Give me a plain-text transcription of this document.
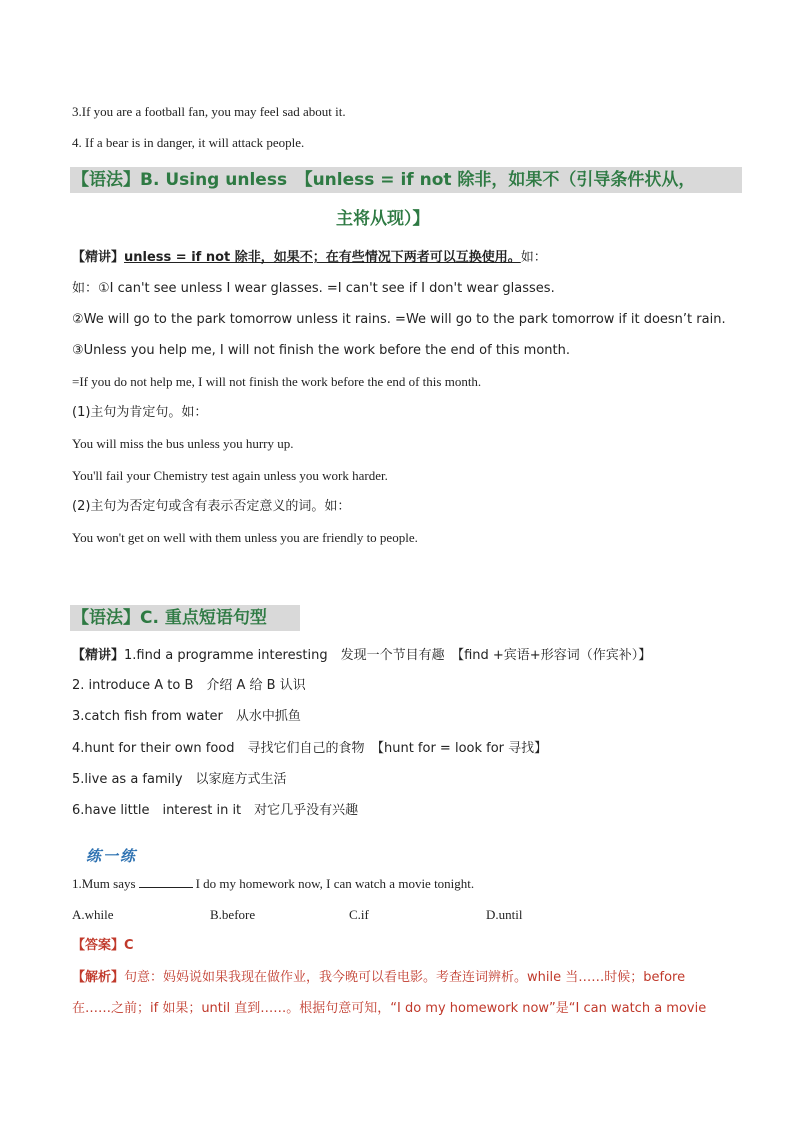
3.If you are a football fan, you may feel sad about it.
4. If a bear is in danger, it will attack people.
【语法】B. Using unless　【unless = if not 除非，如果不（引导条件状从，
主将从现）】
【精讲】unless = if not 除非，如果不；在有些情况下两者可以互换使用。如：
如：①I can't see unless I wear glasses. =I can't see if I don't wear glasses.
②We will go to the park tomorrow unless it rains. =We will go to the park tomorrow if it doesn’t rain.
③Unless you help me, I will not finish the work before the end of this month.
=If you do not help me, I will not finish the work before the end of this month.
(1)主句为肯定句。如：
You will miss the bus unless you hurry up.
You'll fail your Chemistry test again unless you work harder.
(2)主句为否定句或含有表示否定意义的词。如：
You won't get on well with them unless you are friendly to people.
【语法】C. 重点短语句型
【精讲】1.find a programme interesting　发现一个节目有趣　【find +宾语+形容词（作宾补）】
2. introduce A to B　介绍 A 给 B 认识
3.catch fish from water　从水中抓鱼
4.hunt for their own food　寻找它们自己的食物　【hunt for = look for 寻找】
5.live as a family　以家庭方式生活
6.have little　interest in it　对它几乎没有兴趣
练一练
1.Mum says	I do my homework now, I can watch a movie tonight.
A.while	B.before	C.if	D.until
【答案】C
【解析】句意：妈妈说如果我现在做作业，我今晚可以看电影。考查连词辨析。while 当……时候；before
在……之前；if 如果；until 直到……。根据句意可知，“I do my homework now”是“I can watch a movie
